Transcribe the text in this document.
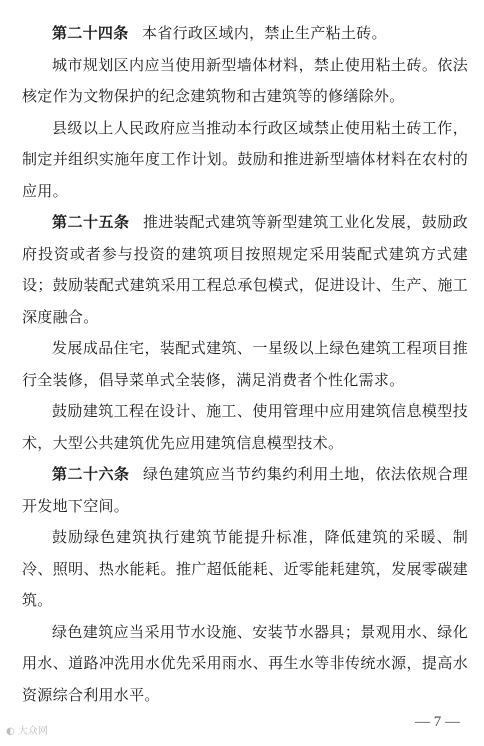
第二十四条 本省行政区域内，禁止生产粘土砖。

城市规划区内应当使用新型墙体材料，禁止使用粘土砖。依法核定作为文物保护的纪念建筑物和古建筑等的修缮除外。

县级以上人民政府应当推动本行政区域禁止使用粘土砖工作，制定并组织实施年度工作计划。鼓励和推进新型墙体材料在农村的应用。

第二十五条 推进装配式建筑等新型建筑工业化发展，鼓励政府投资或者参与投资的建筑项目按照规定采用装配式建筑方式建设；鼓励装配式建筑采用工程总承包模式，促进设计、生产、施工深度融合。

发展成品住宅，装配式建筑、一星级以上绿色建筑工程项目推行全装修，倡导菜单式全装修，满足消费者个性化需求。

鼓励建筑工程在设计、施工、使用管理中应用建筑信息模型技术，大型公共建筑优先应用建筑信息模型技术。

第二十六条 绿色建筑应当节约集约利用土地，依法依规合理开发地下空间。

鼓励绿色建筑执行建筑节能提升标准，降低建筑的采暖、制冷、照明、热水能耗。推广超低能耗、近零能耗建筑，发展零碳建筑。

绿色建筑应当采用节水设施、安装节水器具；景观用水、绿化用水、道路冲洗用水优先采用雨水、再生水等非传统水源，提高水资源综合利用水平。

◐ 大众网
— 7 —
